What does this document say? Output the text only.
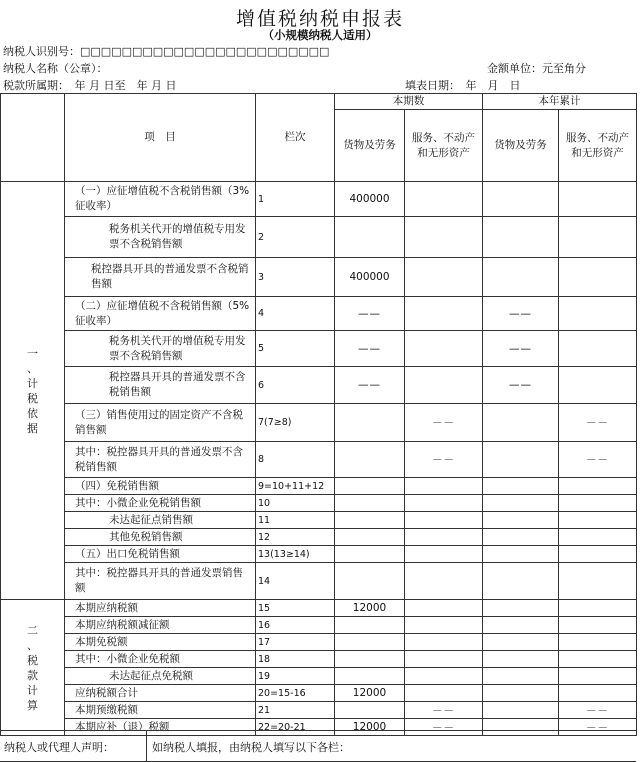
增值税纳税申报表
（小规模纳税人适用）
纳税人识别号：□□□□□□□□□□□□□□□□□□□□□□□□
纳税人名称（公章）：	金额单位：元至角分
税款所属期：　年 月 日至　年 月 日	填表日期：　年　月　日
	项　目	栏次	本期数		本年累计	
			货物及劳务	服务、不动产和无形资产	货物及劳务	服务、不动产和无形资产

一、计税依据	（一）应征增值税不含税销售额（3%征收率）	1	400000			
	税务机关代开的增值税专用发票不含税销售额	2				
	税控器具开具的普通发票不含税销售额	3	400000			
	（二）应征增值税不含税销售额（5%征收率）	4	——		——	
	税务机关代开的增值税专用发票不含税销售额	5	——		——	
	税控器具开具的普通发票不含税销售额	6	——		——	
	（三）销售使用过的固定资产不含税销售额	7(7≥8)		－－		－－
	其中：税控器具开具的普通发票不含税销售额	8		－－		－－
	（四）免税销售额	9=10+11+12				
	其中：小微企业免税销售额	10				
	未达起征点销售额	11				
	其他免税销售额	12				
	（五）出口免税销售额	13(13≥14)				
	其中：税控器具开具的普通发票销售额	14				

二、税款计算	本期应纳税额	15	12000			
	本期应纳税额减征额	16				
	本期免税额	17				
	其中：小微企业免税额	18				
	未达起征点免税额	19				
	应纳税额合计	20=15-16	12000			
	本期预缴税额	21		－－		－－
	本期应补（退）税额	22=20-21	12000	－－		－－
纳税人或代理人声明：	如纳税人填报，由纳税人填写以下各栏：
